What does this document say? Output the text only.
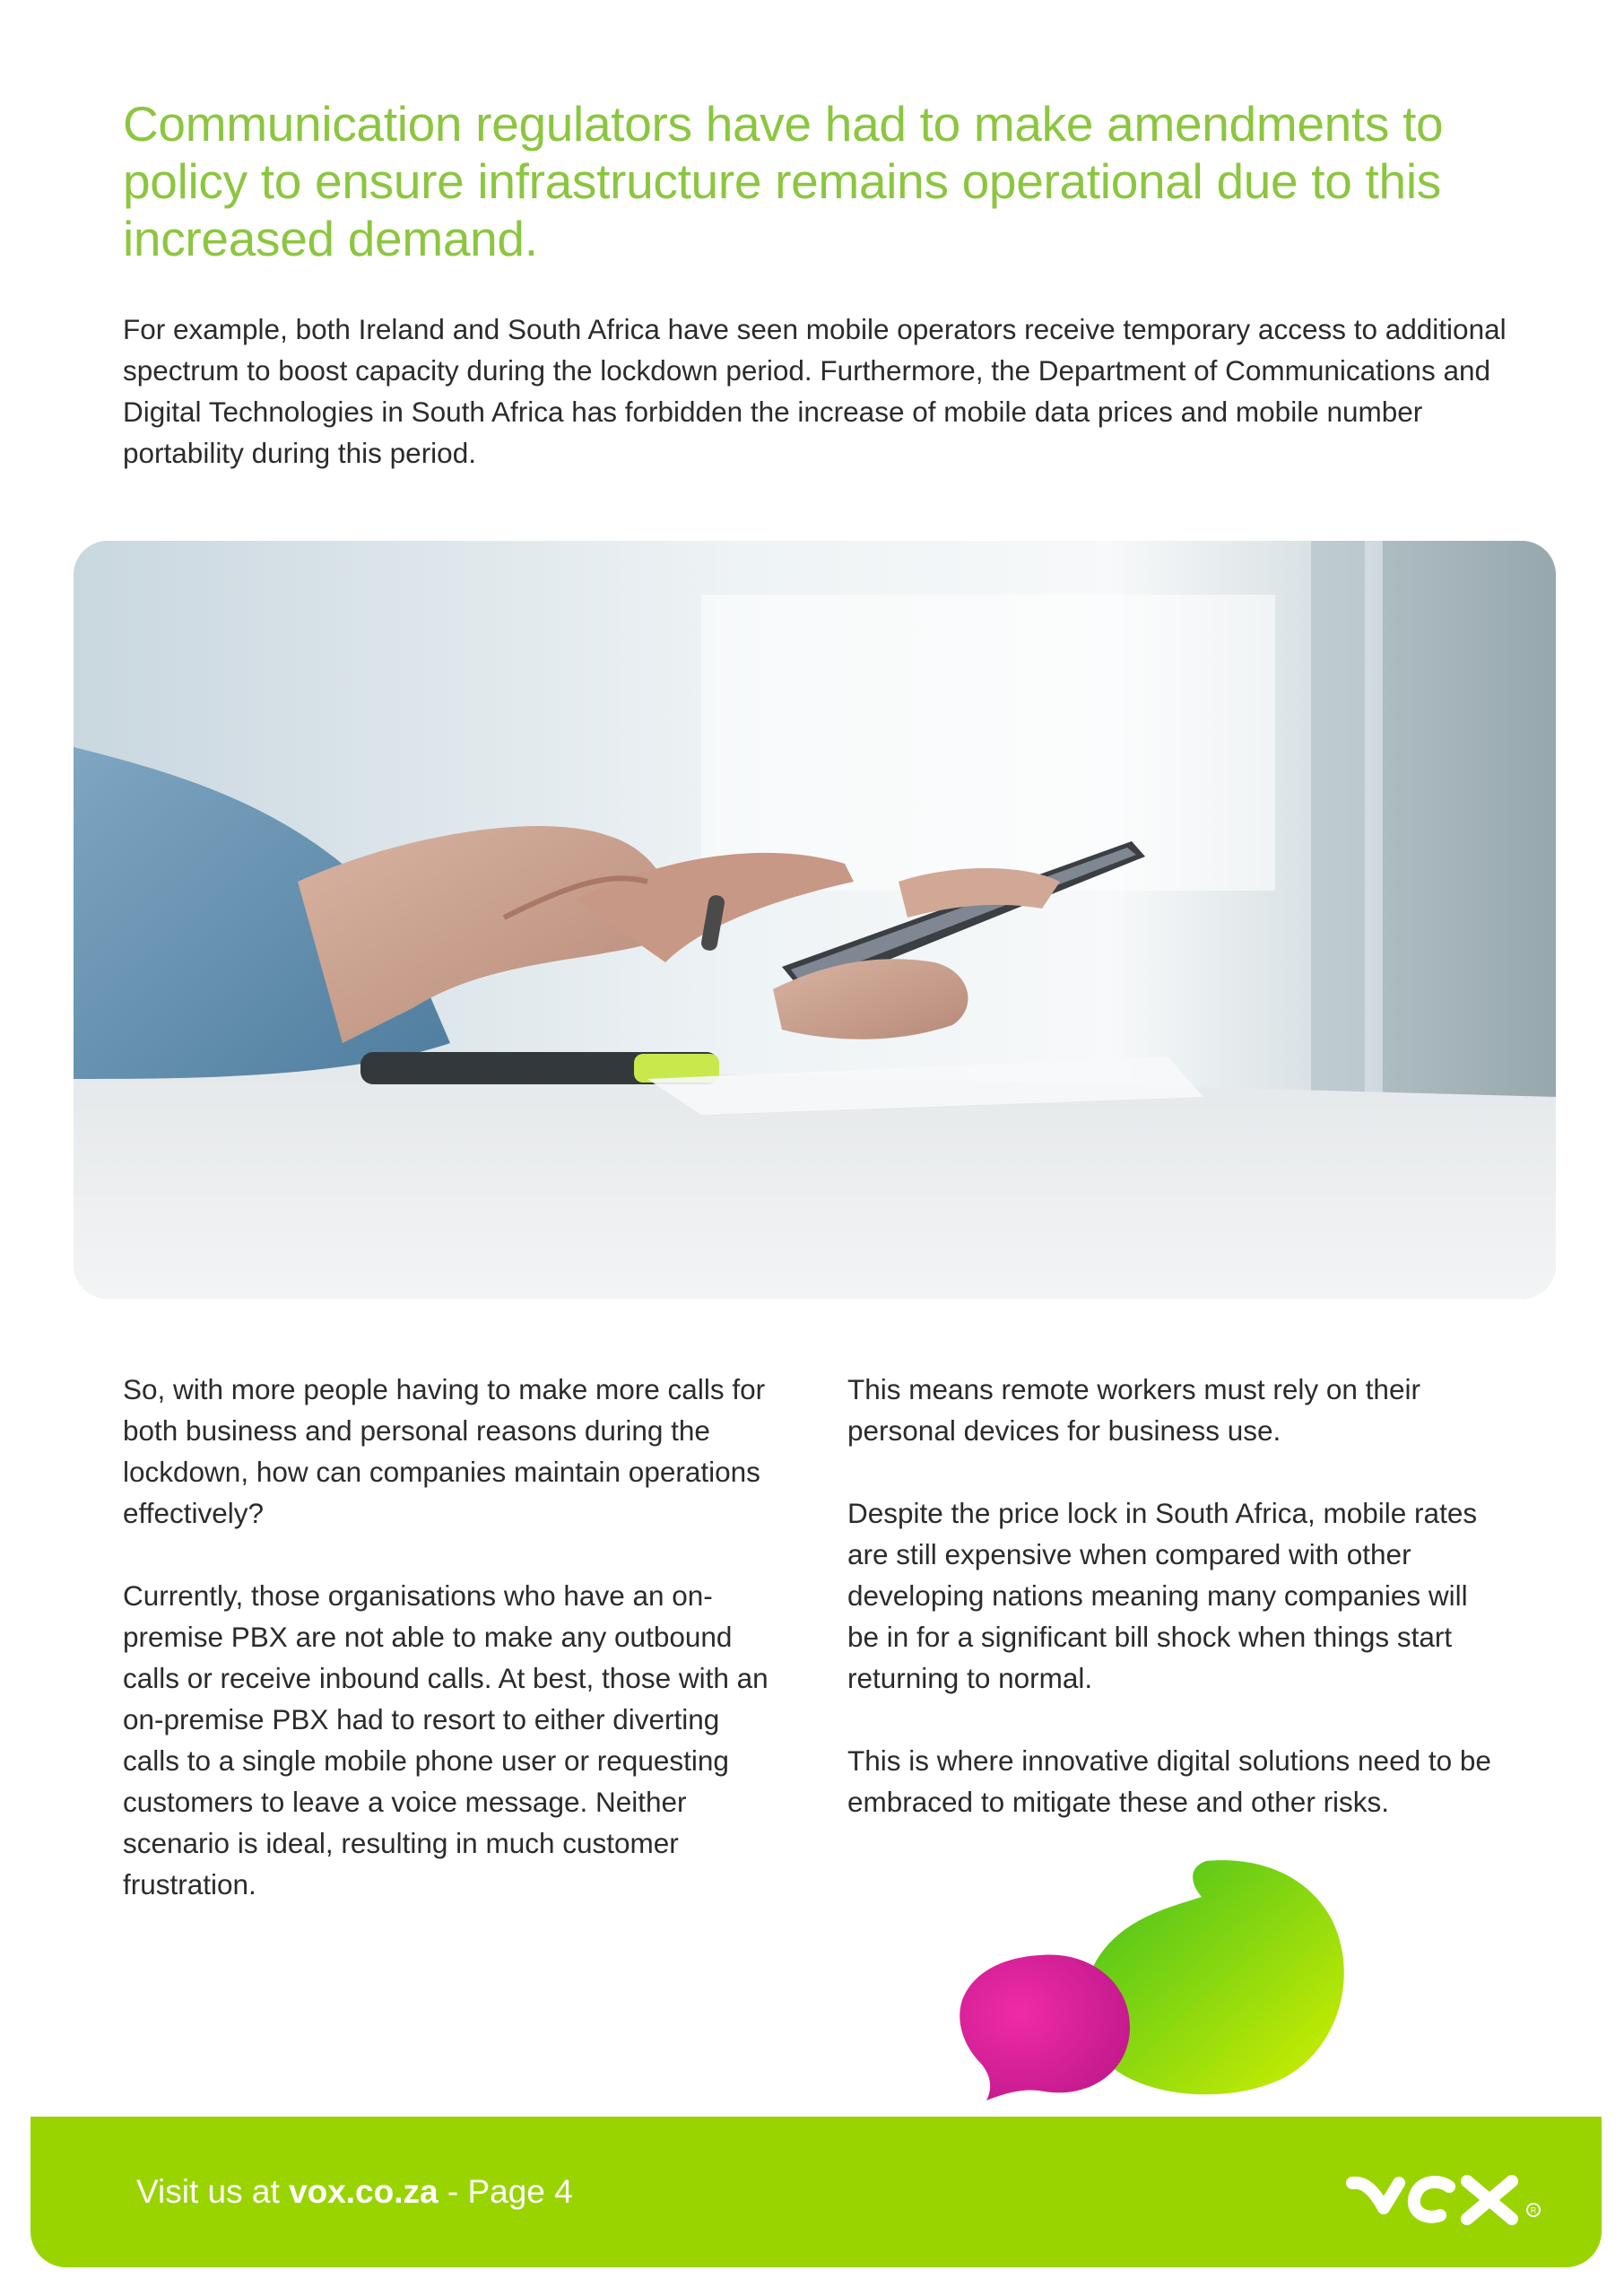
Communication regulators have had to make amendments to policy to ensure infrastructure remains operational due to this increased demand.

For example, both Ireland and South Africa have seen mobile operators receive temporary access to additional spectrum to boost capacity during the lockdown period. Furthermore, the Department of Communications and Digital Technologies in South Africa has forbidden the increase of mobile data prices and mobile number portability during this period.

So, with more people having to make more calls for both business and personal reasons during the lockdown, how can companies maintain operations effectively?

Currently, those organisations who have an on-premise PBX are not able to make any outbound calls or receive inbound calls. At best, those with an on-premise PBX had to resort to either diverting calls to a single mobile phone user or requesting customers to leave a voice message. Neither scenario is ideal, resulting in much customer frustration.

This means remote workers must rely on their personal devices for business use.

Despite the price lock in South Africa, mobile rates are still expensive when compared with other developing nations meaning many companies will be in for a significant bill shock when things start returning to normal.

This is where innovative digital solutions need to be embraced to mitigate these and other risks.

Visit us at vox.co.za - Page 4
R
